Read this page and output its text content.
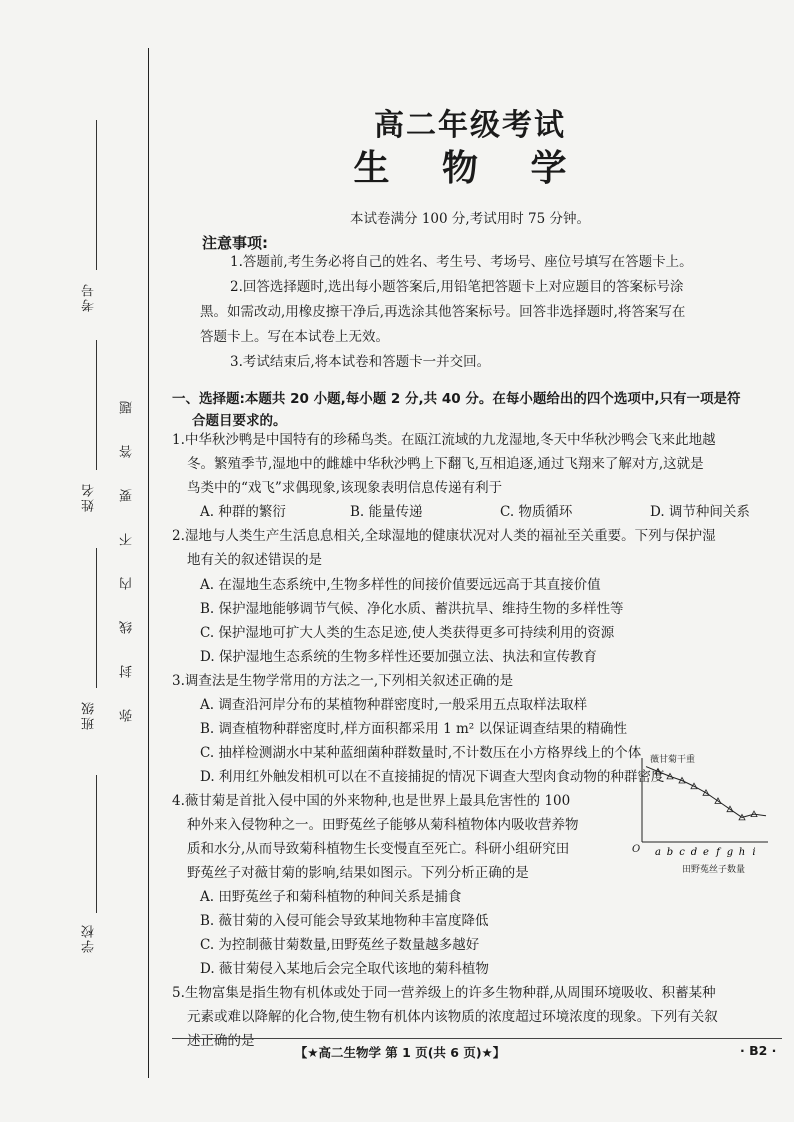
考号
姓名
班级
学校
弥封线内不要答题
高二年级考试
生 物 学
本试卷满分 100 分,考试用时 75 分钟。
注意事项:
1.答题前,考生务必将自己的姓名、考生号、考场号、座位号填写在答题卡上。
2.回答选择题时,选出每小题答案后,用铅笔把答题卡上对应题目的答案标号涂
黑。如需改动,用橡皮擦干净后,再选涂其他答案标号。回答非选择题时,将答案写在
答题卡上。写在本试卷上无效。
3.考试结束后,将本试卷和答题卡一并交回。
一、选择题:本题共 20 小题,每小题 2 分,共 40 分。在每小题给出的四个选项中,只有一项是符
合题目要求的。
1.中华秋沙鸭是中国特有的珍稀鸟类。在瓯江流域的九龙湿地,冬天中华秋沙鸭会飞来此地越
冬。繁殖季节,湿地中的雌雄中华秋沙鸭上下翻飞,互相追逐,通过飞翔来了解对方,这就是
鸟类中的“戏飞”求偶现象,该现象表明信息传递有利于
A. 种群的繁衍	B. 能量传递	C. 物质循环	D. 调节种间关系
2.湿地与人类生产生活息息相关,全球湿地的健康状况对人类的福祉至关重要。下列与保护湿
地有关的叙述错误的是
A. 在湿地生态系统中,生物多样性的间接价值要远远高于其直接价值
B. 保护湿地能够调节气候、净化水质、蓄洪抗旱、维持生物的多样性等
C. 保护湿地可扩大人类的生态足迹,使人类获得更多可持续利用的资源
D. 保护湿地生态系统的生物多样性还要加强立法、执法和宣传教育
3.调查法是生物学常用的方法之一,下列相关叙述正确的是
A. 调查沿河岸分布的某植物种群密度时,一般采用五点取样法取样
B. 调查植物种群密度时,样方面积都采用 1 m² 以保证调查结果的精确性
C. 抽样检测湖水中某种蓝细菌种群数量时,不计数压在小方格界线上的个体
D. 利用红外触发相机可以在不直接捕捉的情况下调查大型肉食动物的种群密度
4.薇甘菊是首批入侵中国的外来物种,也是世界上最具危害性的 100
种外来入侵物种之一。田野菟丝子能够从菊科植物体内吸收营养物
质和水分,从而导致菊科植物生长变慢直至死亡。科研小组研究田
野菟丝子对薇甘菊的影响,结果如图示。下列分析正确的是
A. 田野菟丝子和菊科植物的种间关系是捕食
B. 薇甘菊的入侵可能会导致某地物种丰富度降低
C. 为控制薇甘菊数量,田野菟丝子数量越多越好
D. 薇甘菊侵入某地后会完全取代该地的菊科植物
薇甘菊干重
O
田野菟丝子数量
a b c d e f g h i
5.生物富集是指生物有机体或处于同一营养级上的许多生物种群,从周围环境吸收、积蓄某种
元素或难以降解的化合物,使生物有机体内该物质的浓度超过环境浓度的现象。下列有关叙
述正确的是
【★高二生物学 第 1 页(共 6 页)★】	· B2 ·
